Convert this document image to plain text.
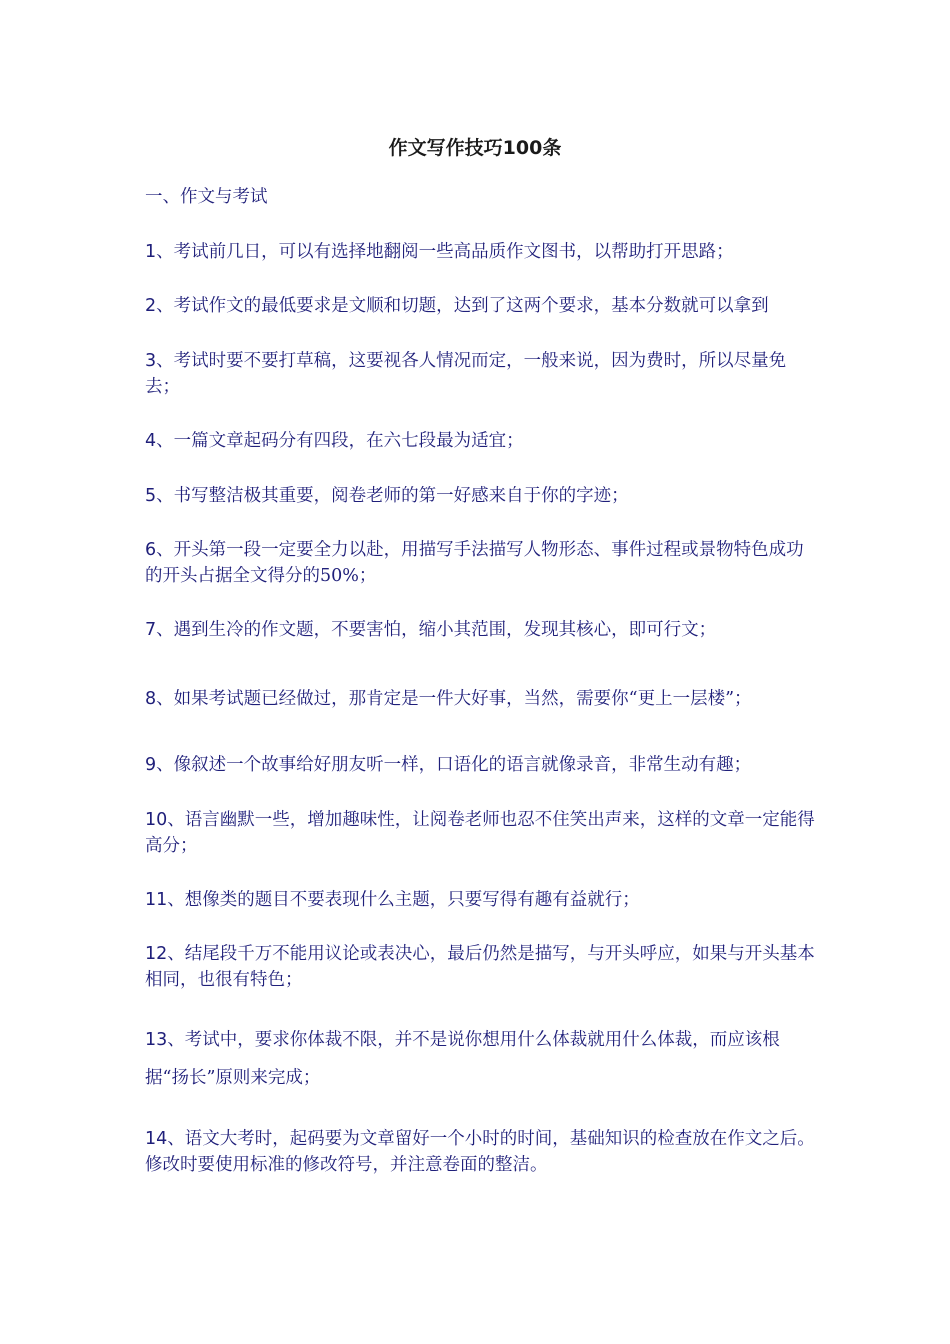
作文写作技巧100条
一、作文与考试
1、考试前几日，可以有选择地翻阅一些高品质作文图书，以帮助打开思路；
2、考试作文的最低要求是文顺和切题，达到了这两个要求，基本分数就可以拿到
3、考试时要不要打草稿，这要视各人情况而定，一般来说，因为费时，所以尽量免去；
4、一篇文章起码分有四段，在六七段最为适宜；
5、书写整洁极其重要，阅卷老师的第一好感来自于你的字迹；
6、开头第一段一定要全力以赴，用描写手法描写人物形态、事件过程或景物特色成功的开头占据全文得分的50%；
7、遇到生冷的作文题，不要害怕，缩小其范围，发现其核心，即可行文；
8、如果考试题已经做过，那肯定是一件大好事，当然，需要你“更上一层楼”；
9、像叙述一个故事给好朋友听一样，口语化的语言就像录音，非常生动有趣；
10、语言幽默一些，增加趣味性，让阅卷老师也忍不住笑出声来，这样的文章一定能得高分；
11、想像类的题目不要表现什么主题，只要写得有趣有益就行；
12、结尾段千万不能用议论或表决心，最后仍然是描写，与开头呼应，如果与开头基本相同，也很有特色；
13、考试中，要求你体裁不限，并不是说你想用什么体裁就用什么体裁，而应该根据“扬长”原则来完成；
14、语文大考时，起码要为文章留好一个小时的时间，基础知识的检查放在作文之后。修改时要使用标准的修改符号，并注意卷面的整洁。
